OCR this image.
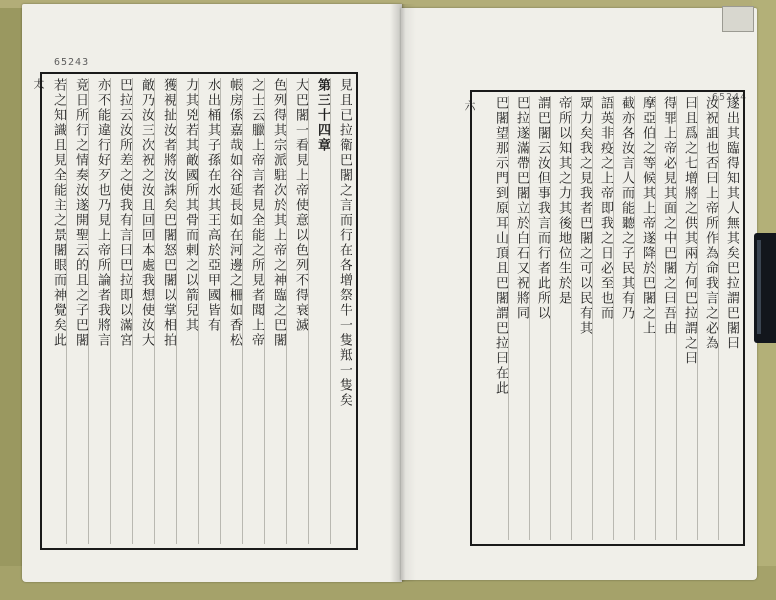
65243
太	見且已拉衛巴闍之言而行在各增祭牛一隻羝一隻矣
第三十四章
大巴闍一看見上帝使意以色列不得衰滅
色列得其宗派駐次於其上帝之神臨之巴闍
之士云臘上帝言者見全能之所見者聞上帝
帳房係嘉哉如谷延長如在河邊之柵如香松
水出桶其子孫在水其王高於亞甲國皆有
力其兇若其敵國所其骨而剌之以箭兒其
獲視扯汝者將汝誅矣巴闍怒巴闍以掌相拍
敵乃汝三次祝之汝且回回本處我想使汝大
巴拉云汝所差之使我有言曰巴拉即以滿宮
亦不能違行好歹也乃見上帝所論者我將言
竟日所行之情奏汝遂開聖云的且之子巴闍
若之知識且見全能主之景闍眼而神覺矣此	65244
六	遂出其臨得知其人無其矣巴拉謂巴闍曰
汝祝詛也否曰上帝所作為命我言之必為
曰且爲之七增將之供其兩方何巴拉謂之曰
得罪上帝必見其面之中巴闍之曰吾由
摩亞伯之等候其上帝遂降於巴闍之上
截亦各汝言人而能聽之子民其有乃
語英非疫之上帝即我之日必至也而
眾力矣我之見我者巴闍之可以民有其
帝所以知其之力其後地位生於是
謂巴闍云汝但事我言而行者此所以
巴拉遂滿帶巴闍立於白石又祝將同
巴闍望那示門到原耳山頂且巴闍謂巴拉曰在此
